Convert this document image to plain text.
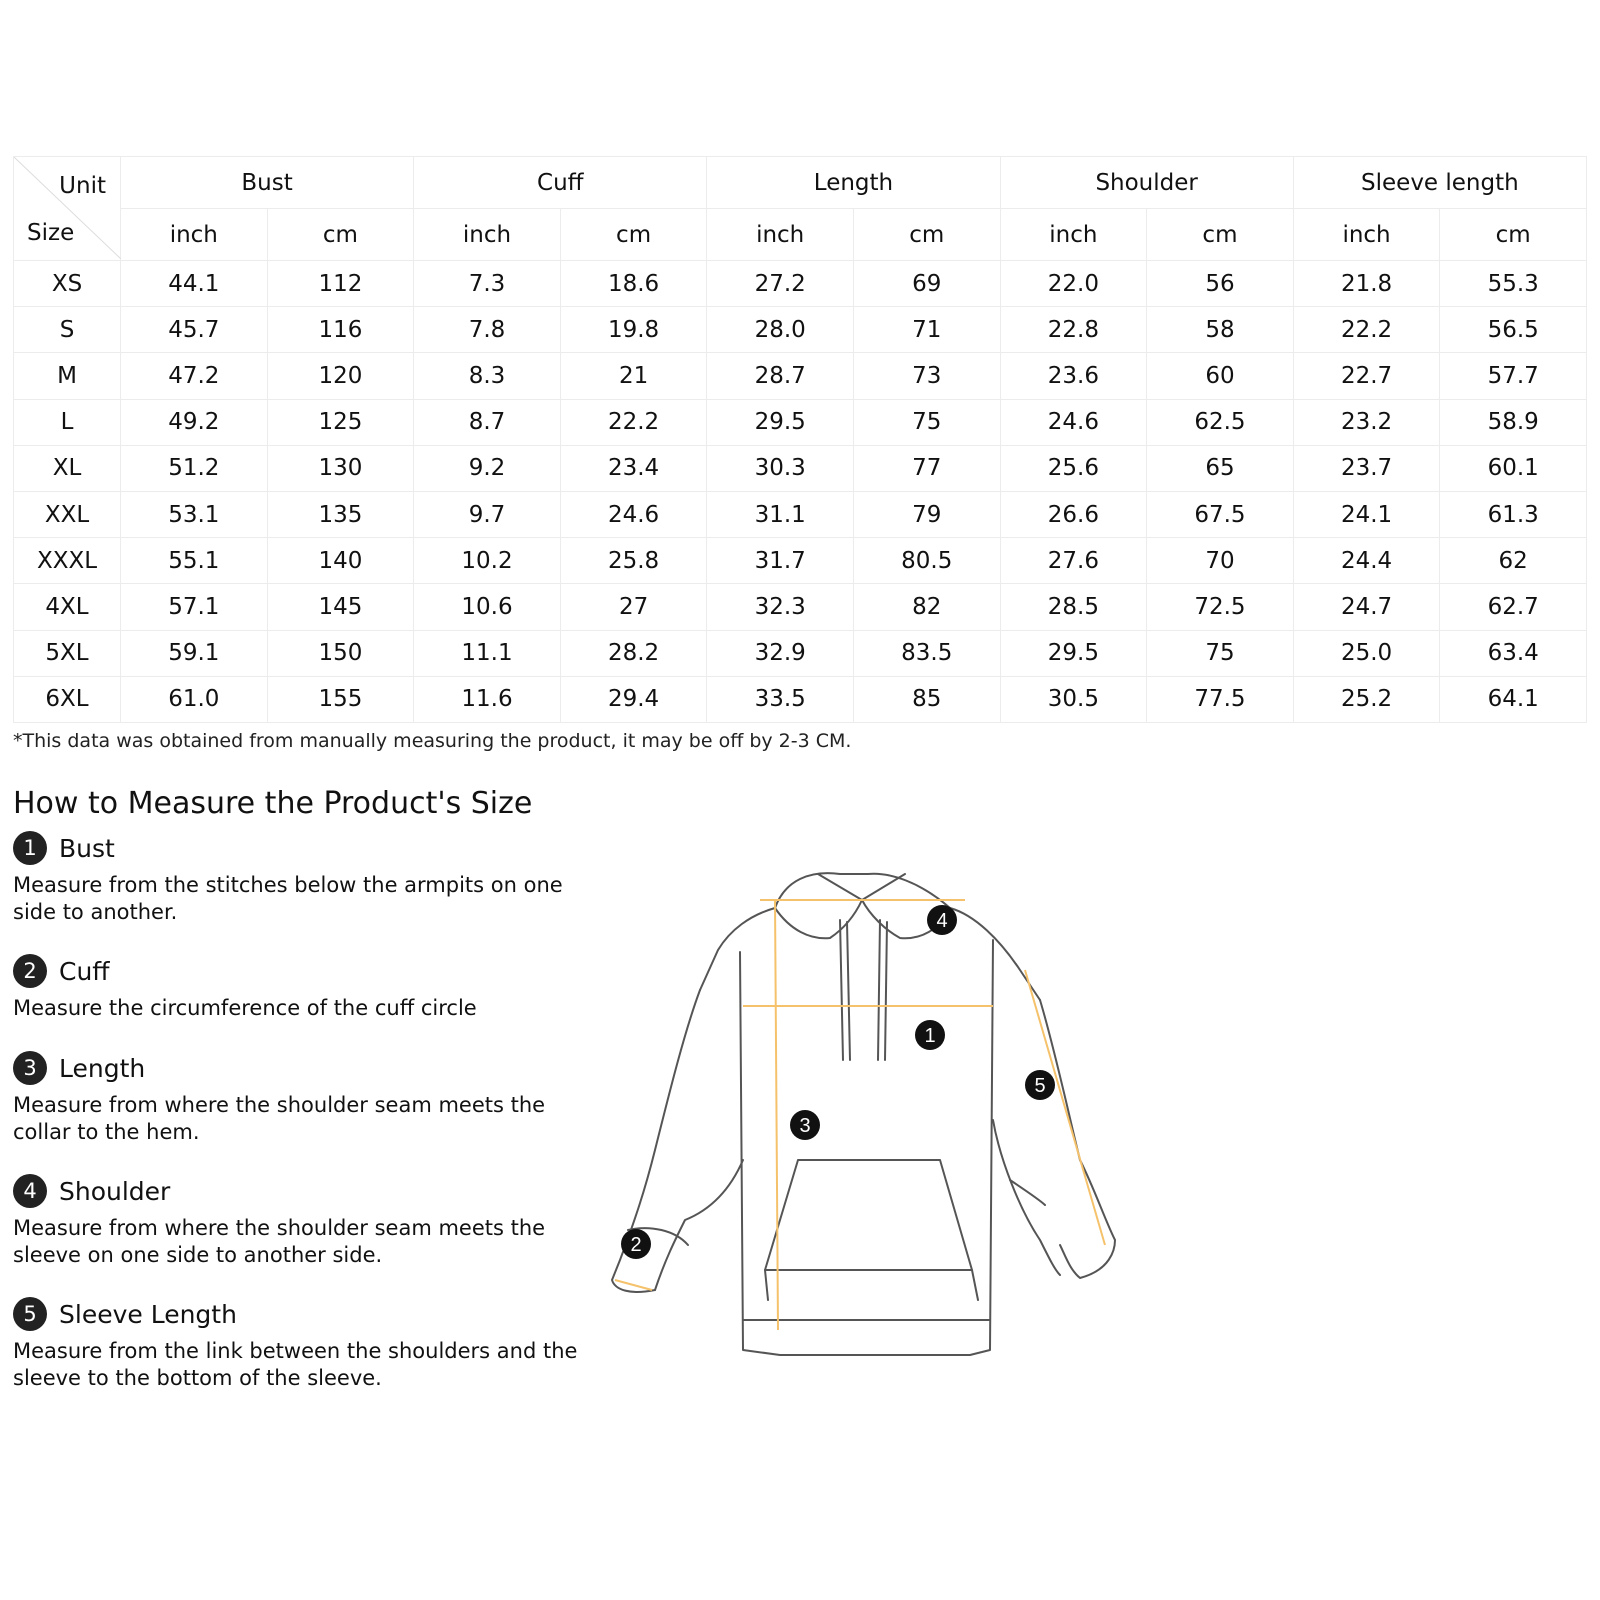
Unit
Size	Bust		Cuff		Length		Shoulder		Sleeve length	
	inch	cm	inch	cm	inch	cm	inch	cm	inch	cm
XS	44.1	112	7.3	18.6	27.2	69	22.0	56	21.8	55.3
S	45.7	116	7.8	19.8	28.0	71	22.8	58	22.2	56.5
M	47.2	120	8.3	21	28.7	73	23.6	60	22.7	57.7
L	49.2	125	8.7	22.2	29.5	75	24.6	62.5	23.2	58.9
XL	51.2	130	9.2	23.4	30.3	77	25.6	65	23.7	60.1
XXL	53.1	135	9.7	24.6	31.1	79	26.6	67.5	24.1	61.3
XXXL	55.1	140	10.2	25.8	31.7	80.5	27.6	70	24.4	62
4XL	57.1	145	10.6	27	32.3	82	28.5	72.5	24.7	62.7
5XL	59.1	150	11.1	28.2	32.9	83.5	29.5	75	25.0	63.4
6XL	61.0	155	11.6	29.4	33.5	85	30.5	77.5	25.2	64.1
*This data was obtained from manually measuring the product, it may be off by 2-3 CM.
How to Measure the Product's Size
1 Bust
Measure from the stitches below the armpits on one side to another.
2 Cuff
Measure the circumference of the cuff circle
3 Length
Measure from where the shoulder seam meets the collar to the hem.
4 Shoulder
Measure from where the shoulder seam meets the sleeve on one side to another side.
5 Sleeve Length
Measure from the link between the shoulders and the sleeve to the bottom of the sleeve.
1
2
3
4
5
